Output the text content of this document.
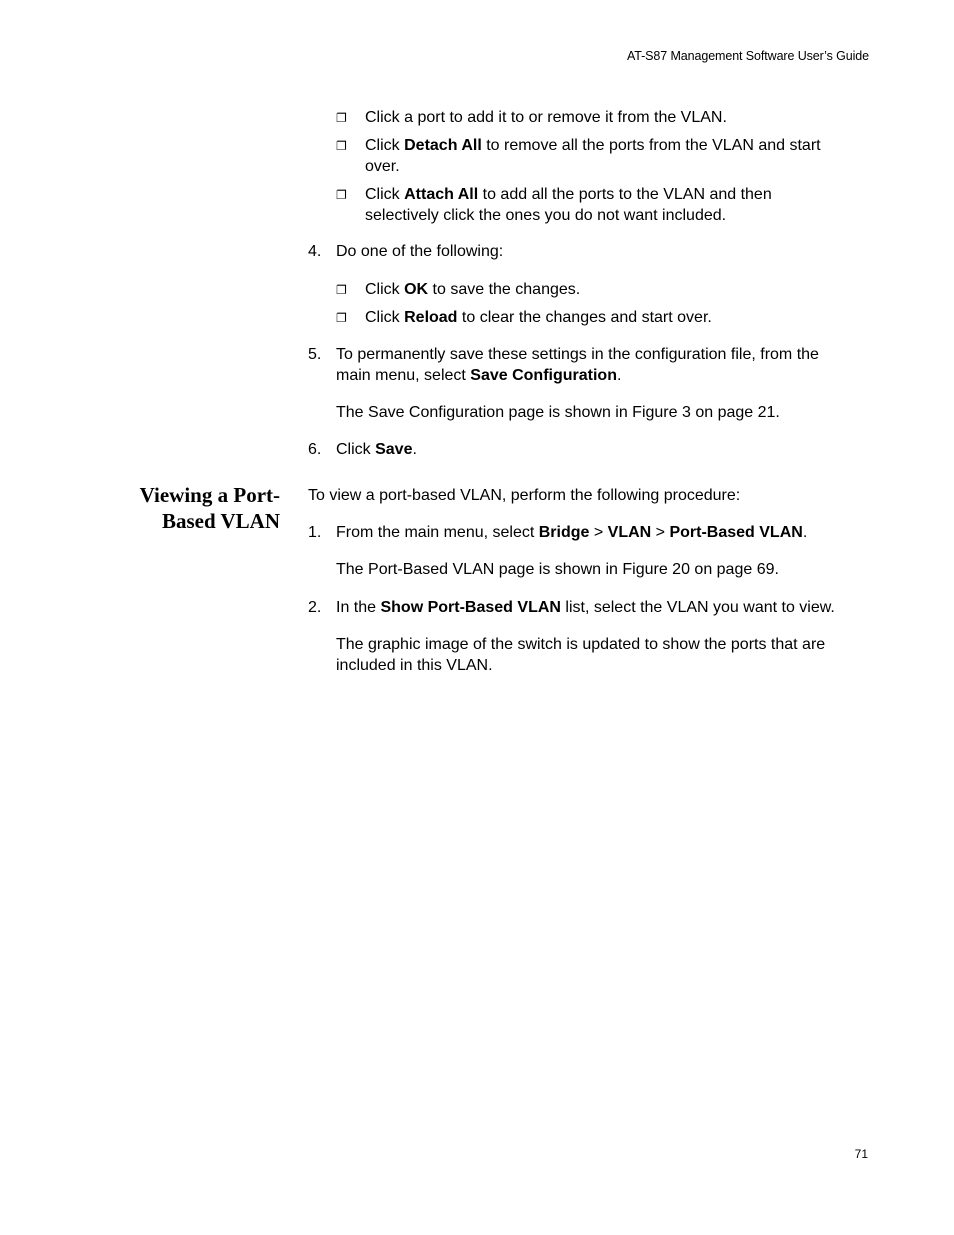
AT-S87 Management Software User’s Guide
❐ Click a port to add it to or remove it from the VLAN.
❐ Click Detach All to remove all the ports from the VLAN and start
over.
❐ Click Attach All to add all the ports to the VLAN and then
selectively click the ones you do not want included.
4. Do one of the following:
❐ Click OK to save the changes.
❐ Click Reload to clear the changes and start over.
5. To permanently save these settings in the configuration file, from the
main menu, select Save Configuration.
The Save Configuration page is shown in Figure 3 on page 21.
6. Click Save.
Viewing a Port-
Based VLAN
To view a port-based VLAN, perform the following procedure:
1. From the main menu, select Bridge > VLAN > Port-Based VLAN.
The Port-Based VLAN page is shown in Figure 20 on page 69.
2. In the Show Port-Based VLAN list, select the VLAN you want to view.
The graphic image of the switch is updated to show the ports that are
included in this VLAN.
71
